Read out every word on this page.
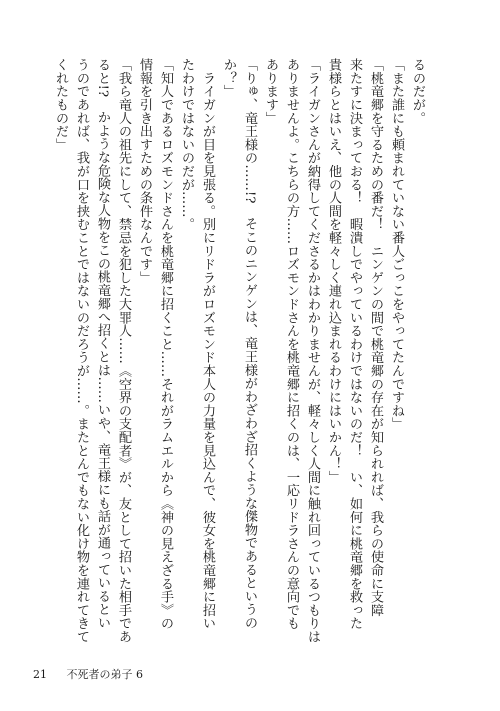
るのだが。

「また誰にも頼まれていない番人ごっこをやってたんですね」

「桃竜郷を守るための番だ！　ニンゲンの間で桃竜郷の存在が知られれば、我らの使命に支障

来たすに決まっておる！　暇潰しでやっているわけではないのだ！　い、如何に桃竜郷を救った

貴様らとはいえ、他の人間を軽々しく連れ込まれるわけにはいかん！」

「ライガンさんが納得してくださるかはわかりませんが、軽々しく人間に触れ回っているつもりは

ありませんよ。こちらの方……ロズモンドさんを桃竜郷に招くのは、一応リドラさんの意向でも

あります」

「りゅ、竜王様の……!?　そこのニンゲンは、竜王様がわざわざ招くような傑物であるというの

か？」

　ライガンが目を見張る。別にリドラがロズモンド本人の力量を見込んで、彼女を桃竜郷に招い

たわけではないのだが……。

「知人であるロズモンドさんを桃竜郷に招くこと……それがラムエルから《神の見えざる手》の

情報を引き出すための条件なんです」

「我ら竜人の祖先にして、禁忌を犯した大罪人……《空界の支配者》が、友として招いた相手であ

ると!?　かような危険な人物をこの桃竜郷へ招くとは……いや、竜王様にも話が通っているとい

うのであれば、我が口を挟むことではないのだろうが……。またとんでもない化け物を連れてきて

くれたものだ」

21 不死者の弟子 6
